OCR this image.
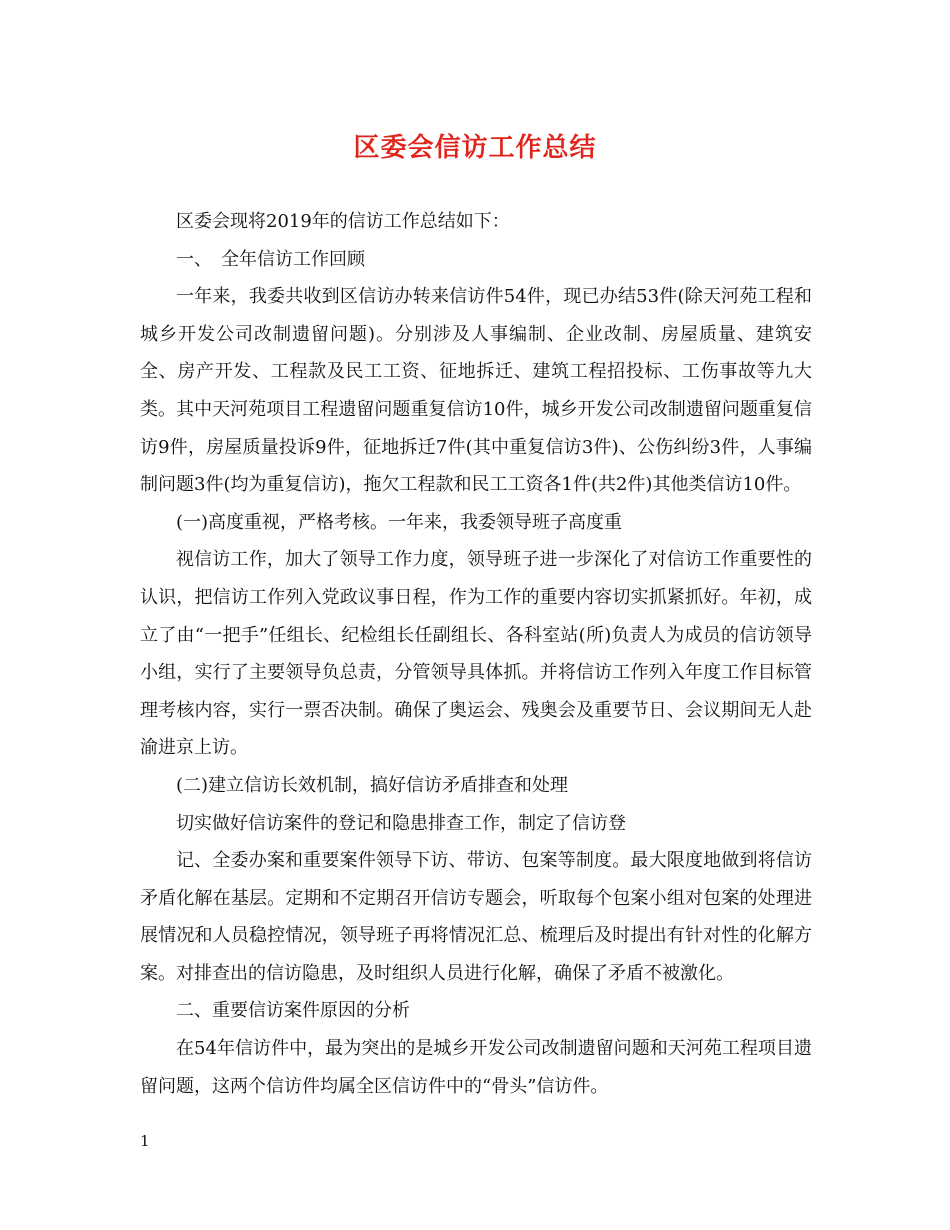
区委会信访工作总结

区委会现将2019年的信访工作总结如下：

一、　全年信访工作回顾

一年来，我委共收到区信访办转来信访件54件，现已办结53件(除天河苑工程和城乡开发公司改制遗留问题)。分别涉及人事编制、企业改制、房屋质量、建筑安全、房产开发、工程款及民工工资、征地拆迁、建筑工程招投标、工伤事故等九大类。其中天河苑项目工程遗留问题重复信访10件，城乡开发公司改制遗留问题重复信访9件，房屋质量投诉9件，征地拆迁7件(其中重复信访3件)、公伤纠纷3件，人事编制问题3件(均为重复信访)，拖欠工程款和民工工资各1件(共2件)其他类信访10件。

(一)高度重视，严格考核。一年来，我委领导班子高度重

视信访工作，加大了领导工作力度，领导班子进一步深化了对信访工作重要性的认识，把信访工作列入党政议事日程，作为工作的重要内容切实抓紧抓好。年初，成立了由“一把手”任组长、纪检组长任副组长、各科室站(所)负责人为成员的信访领导小组，实行了主要领导负总责，分管领导具体抓。并将信访工作列入年度工作目标管理考核内容，实行一票否决制。确保了奥运会、残奥会及重要节日、会议期间无人赴渝进京上访。

(二)建立信访长效机制，搞好信访矛盾排查和处理

切实做好信访案件的登记和隐患排查工作，制定了信访登

记、全委办案和重要案件领导下访、带访、包案等制度。最大限度地做到将信访矛盾化解在基层。定期和不定期召开信访专题会，听取每个包案小组对包案的处理进展情况和人员稳控情况，领导班子再将情况汇总、梳理后及时提出有针对性的化解方案。对排查出的信访隐患，及时组织人员进行化解，确保了矛盾不被激化。

二、重要信访案件原因的分析

在54年信访件中，最为突出的是城乡开发公司改制遗留问题和天河苑工程项目遗留问题，这两个信访件均属全区信访件中的“骨头”信访件。

1
